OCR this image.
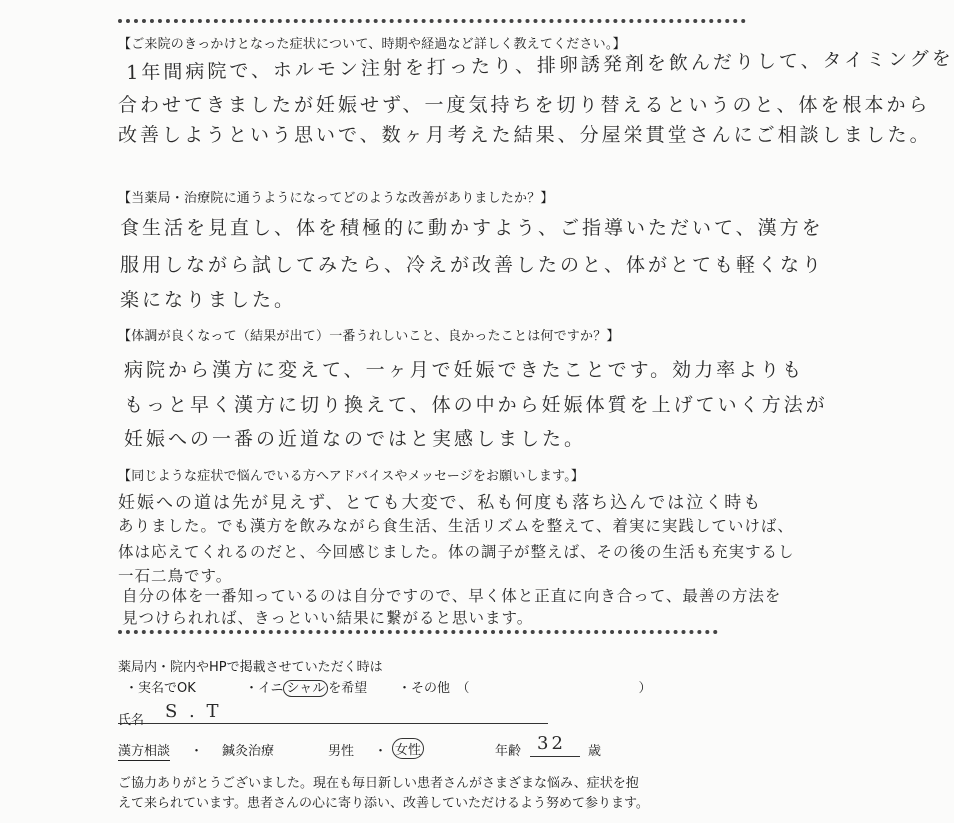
【ご来院のきっかけとなった症状について、時期や経過など詳しく教えてください。】
1年間病院で、ホルモン注射を打ったり、排卵誘発剤を飲んだりして、タイミングを
合わせてきましたが妊娠せず、一度気持ちを切り替えるというのと、体を根本から
改善しようという思いで、数ヶ月考えた結果、分屋栄貫堂さんにご相談しました。
【当薬局・治療院に通うようになってどのような改善がありましたか？】
食生活を見直し、体を積極的に動かすよう、ご指導いただいて、漢方を
服用しながら試してみたら、冷えが改善したのと、体がとても軽くなり
楽になりました。
【体調が良くなって（結果が出て）一番うれしいこと、良かったことは何ですか？】
病院から漢方に変えて、一ヶ月で妊娠できたことです。効力率よりも
もっと早く漢方に切り換えて、体の中から妊娠体質を上げていく方法が
妊娠への一番の近道なのではと実感しました。
【同じような症状で悩んでいる方へアドバイスやメッセージをお願いします。】
妊娠への道は先が見えず、とても大変で、私も何度も落ち込んでは泣く時も
ありました。でも漢方を飲みながら食生活、生活リズムを整えて、着実に実践していけば、
体は応えてくれるのだと、今回感じました。体の調子が整えば、その後の生活も充実するし
一石二鳥です。
自分の体を一番知っているのは自分ですので、早く体と正直に向き合って、最善の方法を
見つけられれば、きっといい結果に繋がると思います。
薬局内・院内やHPで掲載させていただく時は
・実名でOK	・イニ シャル を希望 ・その他　（　　　　　　　　　　　　　）
氏名 S . T
漢方相談 ・ 鍼灸治療	男性 ・ 女性	年齢 32 歳
ご協力ありがとうございました。現在も毎日新しい患者さんがさまざまな悩み、症状を抱
えて来られています。患者さんの心に寄り添い、改善していただけるよう努めて参ります。
